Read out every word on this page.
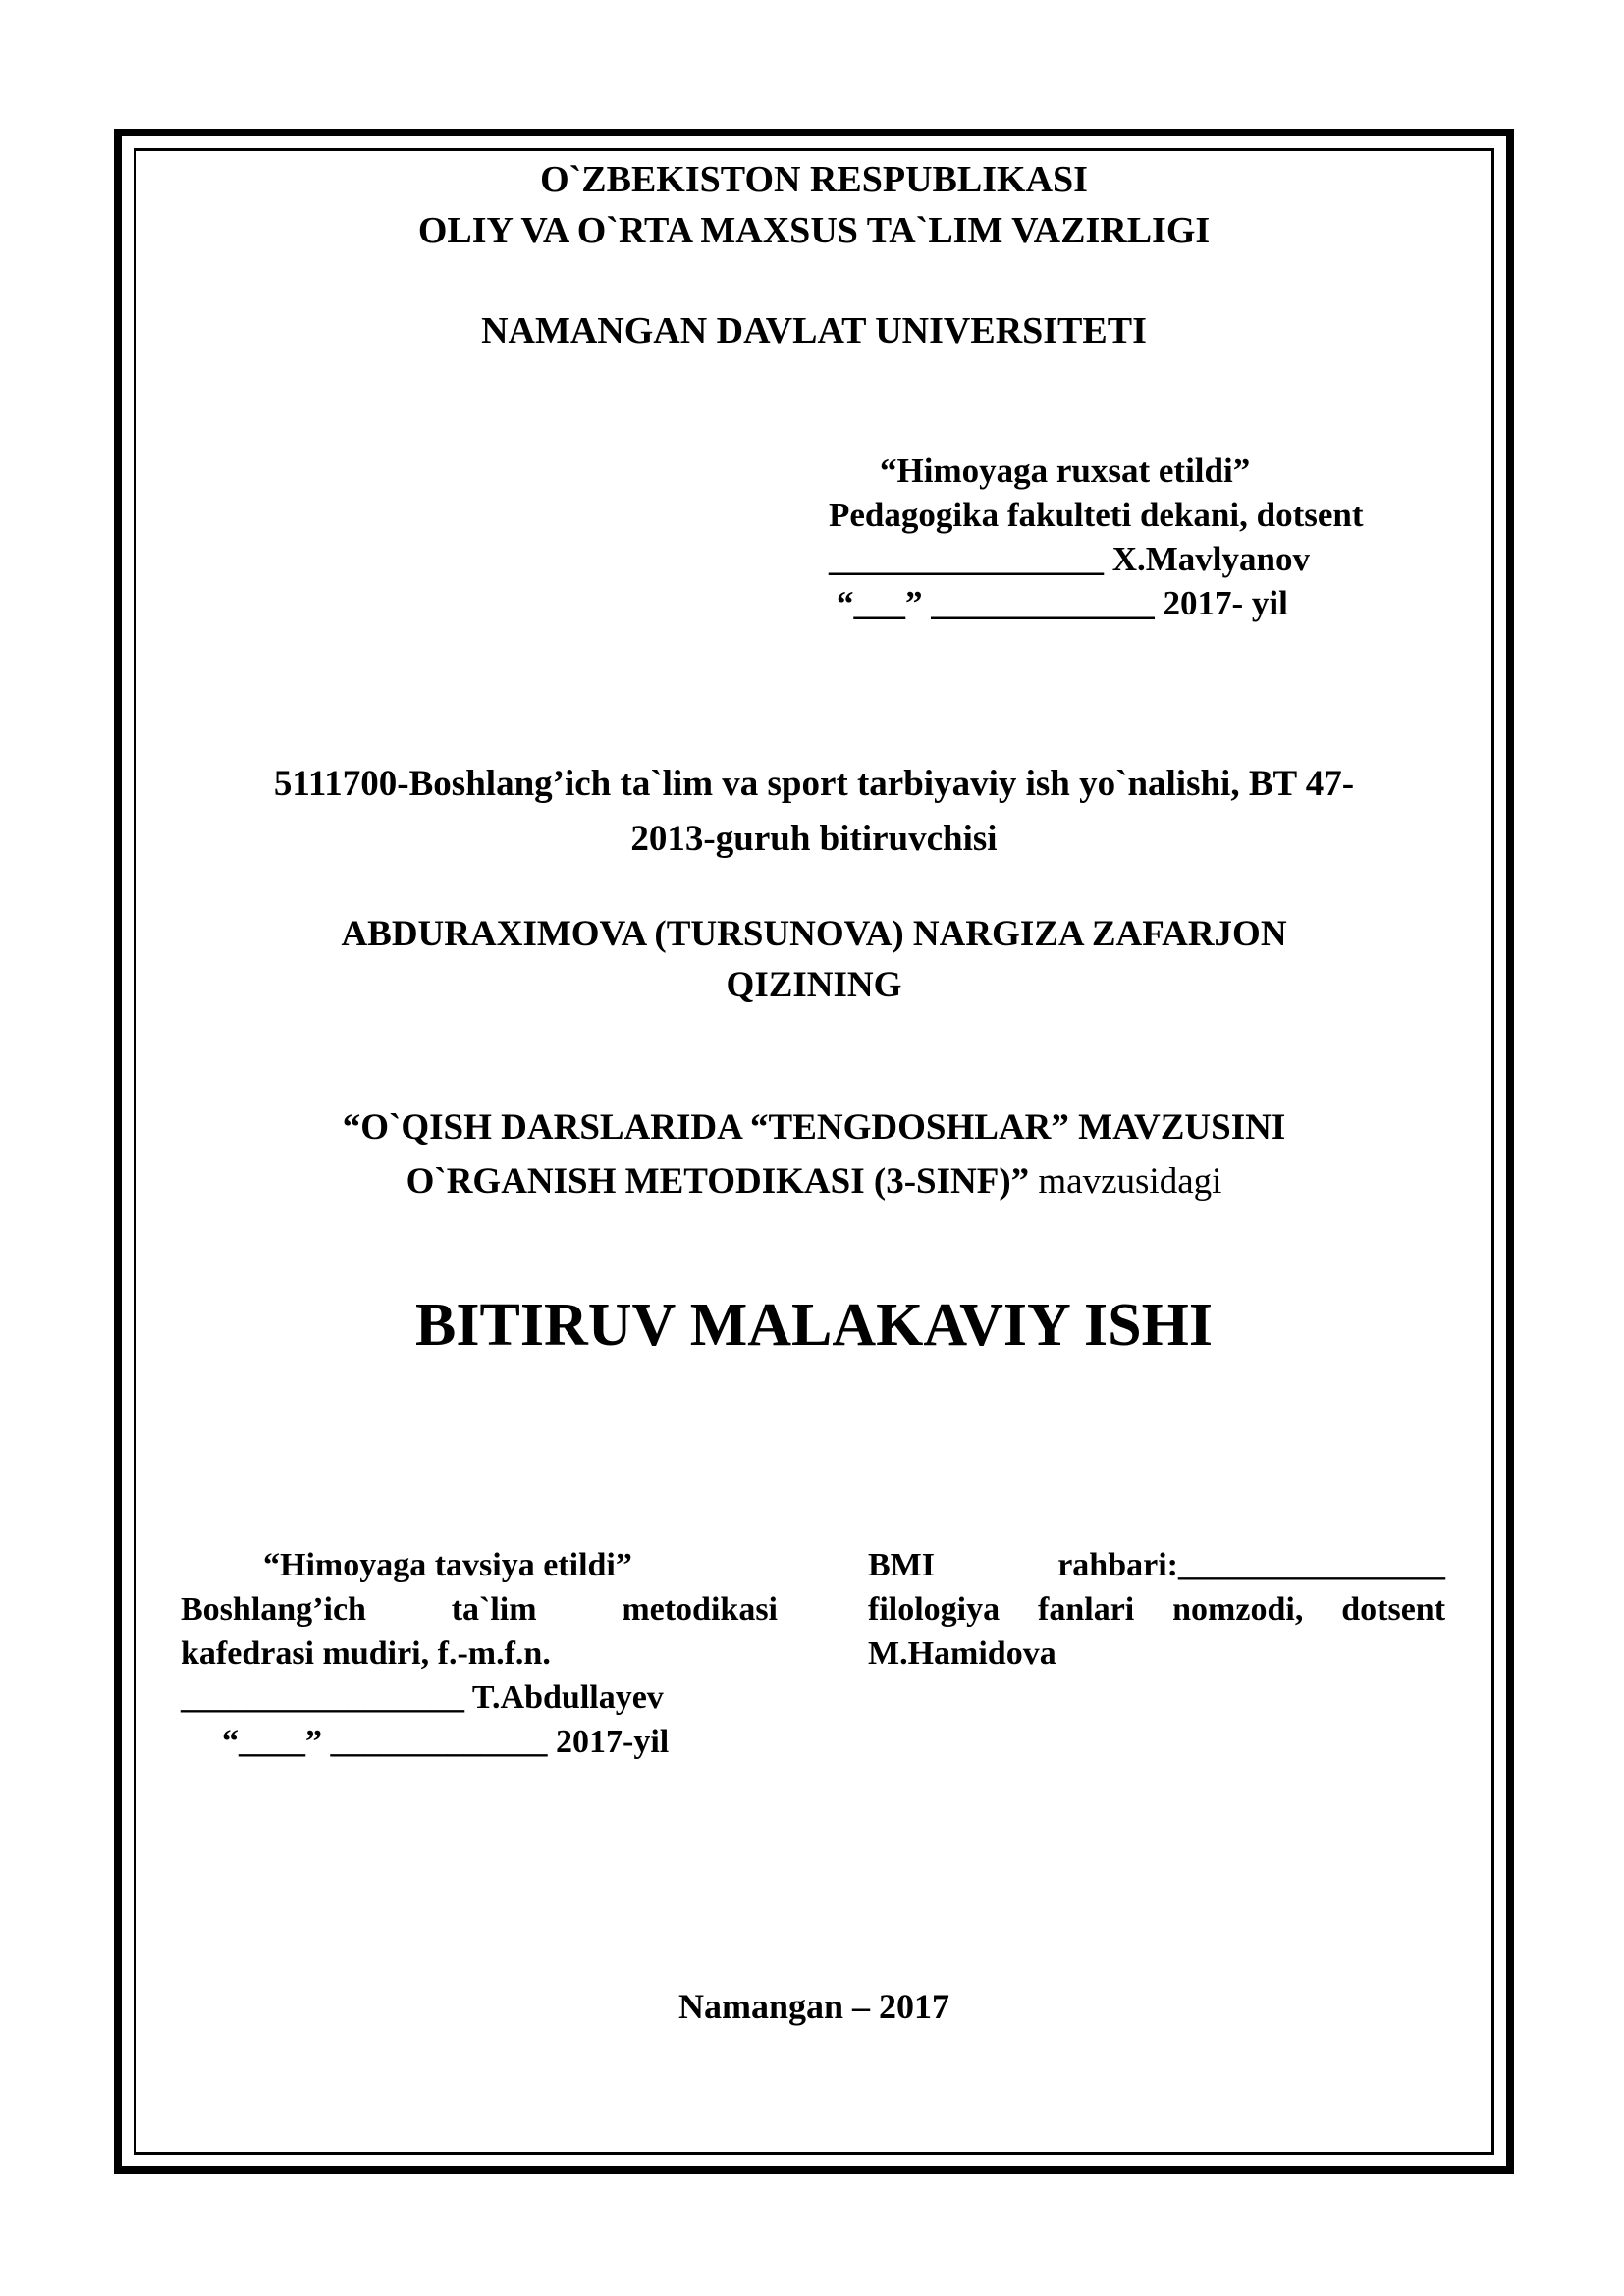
O`ZBEKISTON RESPUBLIKASI

OLIY VA O`RTA MAXSUS TA`LIM VAZIRLIGI

NAMANGAN DAVLAT UNIVERSITETI

“Himoyaga ruxsat etildi”

Pedagogika fakulteti dekani, dotsent

________________ X.Mavlyanov

“___” _____________ 2017- yil

5111700-Boshlang’ich ta`lim va sport tarbiyaviy ish yo`nalishi, BT 47-

2013-guruh bitiruvchisi

ABDURAXIMOVA (TURSUNOVA) NARGIZA ZAFARJON

QIZINING

“O`QISH DARSLARIDA “TENGDOSHLAR” MAVZUSINI

O`RGANISH METODIKASI (3-SINF)” mavzusidagi

BITIRUV MALAKAVIY ISHI

“Himoyaga tavsiya etildi”

Boshlang’ich	ta`lim	metodikasi

kafedrasi mudiri, f.-m.f.n.

_________________ T.Abdullayev

“____” _____________ 2017-yil

BMI	rahbari:________________

filologiya fanlari nomzodi, dotsent

M.Hamidova

Namangan – 2017
